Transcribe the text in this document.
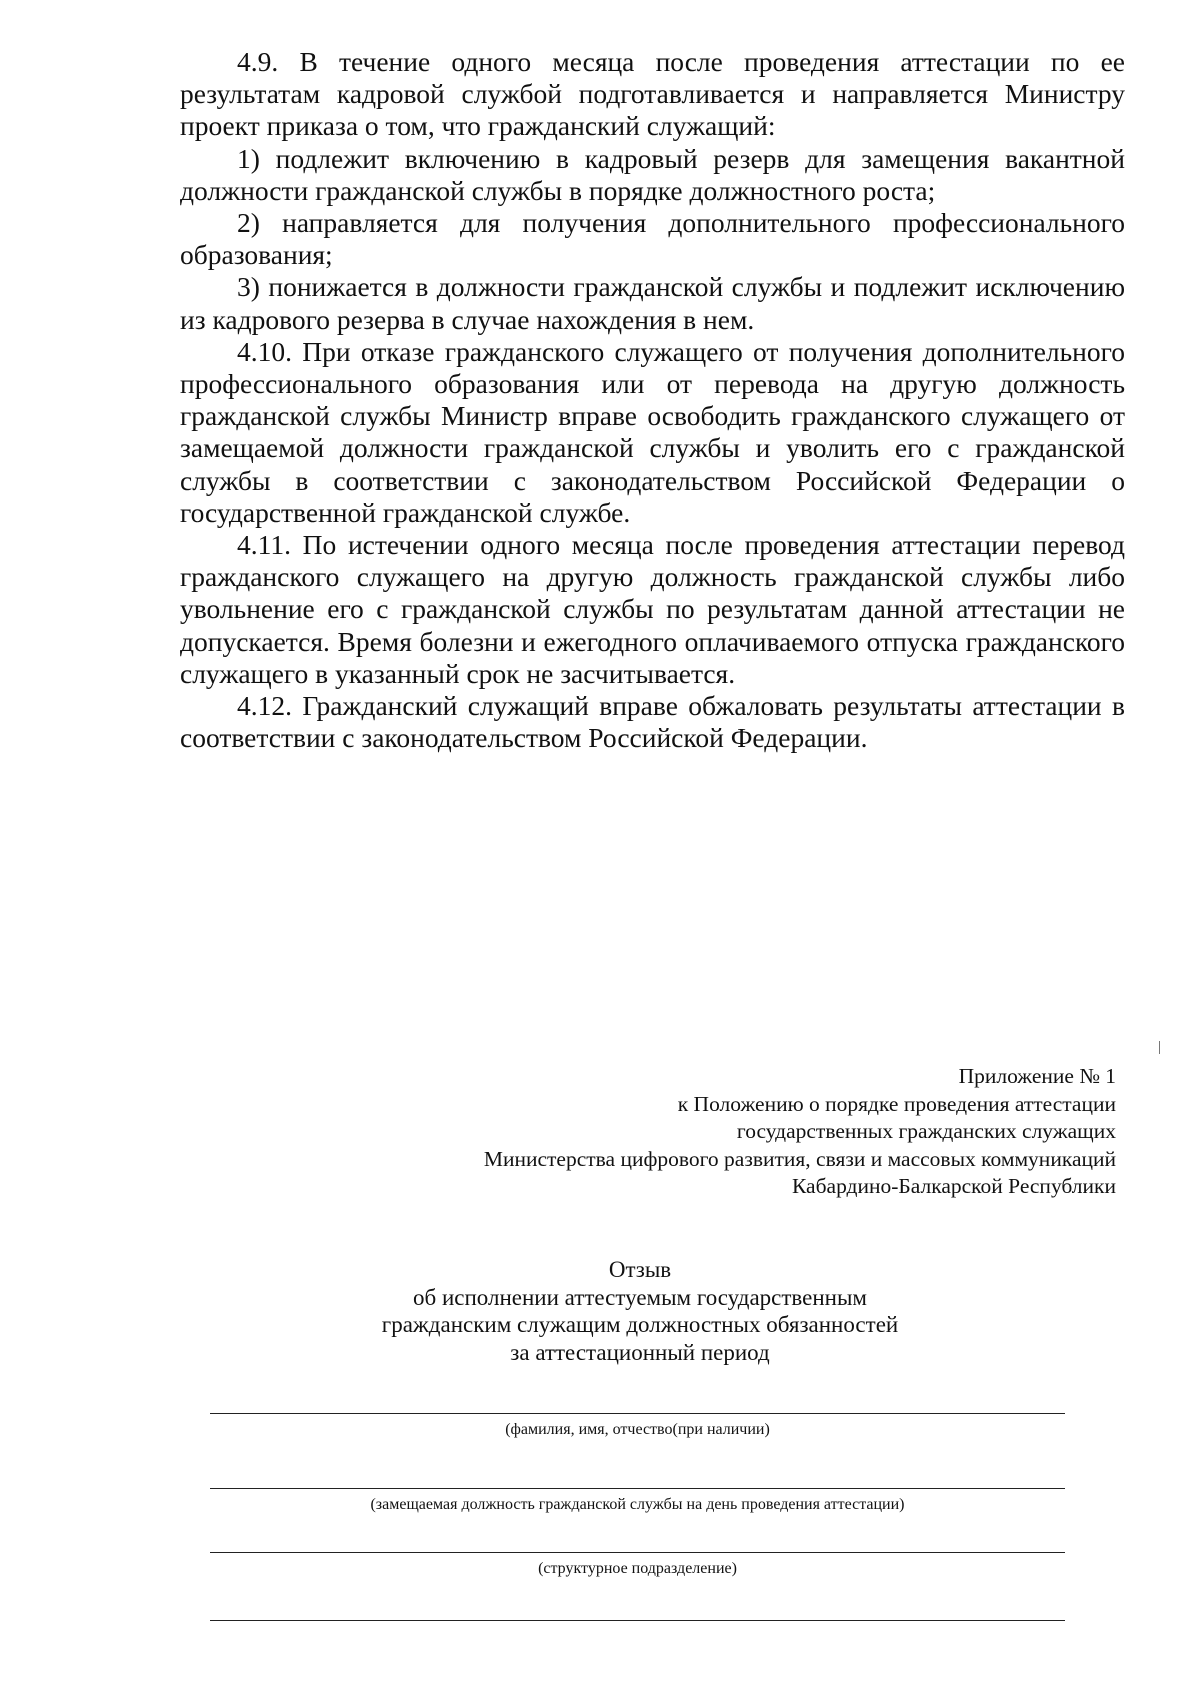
4.9. В течение одного месяца после проведения аттестации по ее результатам кадровой службой подготавливается и направляется Министру проект приказа о том, что гражданский служащий:

1) подлежит включению в кадровый резерв для замещения вакантной должности гражданской службы в порядке должностного роста;

2) направляется для получения дополнительного профессионального образования;

3) понижается в должности гражданской службы и подлежит исключению из кадрового резерва в случае нахождения в нем.

4.10. При отказе гражданского служащего от получения дополнительного профессионального образования или от перевода на другую должность гражданской службы Министр вправе освободить гражданского служащего от замещаемой должности гражданской службы и уволить его с гражданской службы в соответствии с законодательством Российской Федерации о государственной гражданской службе.

4.11. По истечении одного месяца после проведения аттестации перевод гражданского служащего на другую должность гражданской службы либо увольнение его с гражданской службы по результатам данной аттестации не допускается. Время болезни и ежегодного оплачиваемого отпуска гражданского служащего в указанный срок не засчитывается.

4.12. Гражданский служащий вправе обжаловать результаты аттестации в соответствии с законодательством Российской Федерации.

Приложение № 1
к Положению о порядке проведения аттестации
государственных гражданских служащих
Министерства цифрового развития, связи и массовых коммуникаций
Кабардино-Балкарской Республики
Отзыв
об исполнении аттестуемым государственным
гражданским служащим должностных обязанностей
за аттестационный период
(фамилия, имя, отчество(при наличии)
(замещаемая должность гражданской службы на день проведения аттестации)
(структурное подразделение)
